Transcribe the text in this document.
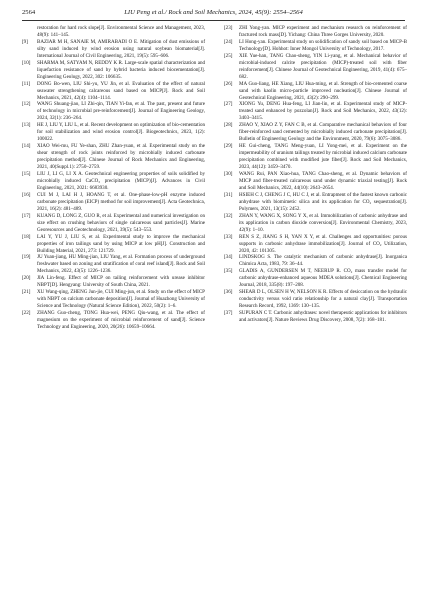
2564	LIU Peng et al./ Rock and Soil Mechanics, 2024, 45(9): 2554–2564

restoration for hard rock slope[J]. Environmental Science and Management, 2023, 48(9): 141–145.

[9] BAZIAR M H, SANAIE M, AMIRABADI O E. Mitigation of dust emissions of silty sand induced by wind erosion using natural soybean biomaterial[J]. International Journal of Civil Engineering, 2021, 19(5): 595–606.

[10] SHARMA M, SATYAM N, REDDY K R. Large-scale spatial characterization and liquefaction resistance of sand by hybrid bacteria induced biocementation[J]. Engineering Geology, 2022, 302: 106635.

[11] DONG Bo-wen, LIU Shi-yu, YU Jin, et al. Evaluation of the effect of natural seawater strengthening calcareous sand based on MICP[J]. Rock and Soil Mechanics, 2021, 42(4): 1104–1114.

[12] WANG Shuang-jiao, LI Zhi-qin, TIAN Yi-fan, et al. The past, present and future of technology in microbial pre-reinforcement[J]. Journal of Engineering Geology, 2024, 32(1): 236–264.

[13] HE J, LIU Y, LIU L, et al. Recent development on optimization of bio-cementation for soil stabilization and wind erosion control[J]. Biogeotechnics, 2023, 1(2): 100022.

[14] XIAO Wei-mu, FU Ye-shan, ZHU Zhan-yuan, et al. Experimental study on the shear strength of rock joints reinforced by microbially induced carbonate precipitation method[J]. Chinese Journal of Rock Mechanics and Engineering, 2021, 40(Suppl.1): 2750–2759.

[15] LIU J, LI G, LI X A. Geotechnical engineering properties of soils solidified by microbially induced CaCO₃ precipitation (MICP)[J]. Advances in Civil Engineering, 2021, 2021: 6683930.

[16] CUI M J, LAI H J, HOANG T, et al. One-phase-low-pH enzyme induced carbonate precipitation (EICP) method for soil improvement[J]. Acta Geotechnica, 2021, 16(2): 481–489.

[17] KUANG D, LONG Z, GUO R, et al. Experimental and numerical investigation on size effect on crushing behaviors of single calcareous sand particles[J]. Marine Georesources and Geotechnology, 2021, 39(5): 543–553.

[18] LAI Y, YU J, LIU S, et al. Experimental study to improve the mechanical properties of iron tailings sand by using MICP at low pH[J]. Construction and Building Material, 2021, 273: 121729.

[19] JU Yuan-jiang, HU Ming-jian, LIU Yang, et al. Formation process of underground freshwater based on zoning and stratification of coral reef island[J]. Rock and Soil Mechanics, 2022, 43(5): 1226–1236.

[20] JIA Lin-feng. Effect of MICP on tailing reinforcement with urease inhibitor NBPT[D]. Hengyang: University of South China, 2021.

[21] XU Wang-qing, ZHENG Jun-jie, CUI Ming-jun, et al. Study on the effect of MICP with NBPT on calcium carbonate deposition[J]. Journal of Huazhong University of Science and Technology (Natural Science Edition), 2022, 50(2): 1–6.

[22] ZHANG Guo-cheng, TONG Hua-wei, PENG Qiu-wang, et al. The effect of magnesium on the experiment of microbial reinforcement of sand[J]. Science Technology and Engineering, 2020, 20(26): 10659–10664.

[23] ZHI Yong-yan. MICP experiment and mechanism research on reinforcement of fractured rock mass[D]. Yichang: China Three Gorges University, 2020.

[24] LI Hong-yan. Experimental study on solidification of sandy soil based on MICP-B Technology[D]. Hohhot: Inner Mongol University of Technology, 2017.

[25] XIE Yue-han, TANG Chao-sheng, YIN Li-yang, et al. Mechanical behavior of microbial-induced calcite precipitation (MICP)-treated soil with fiber reinforcement[J]. Chinese Journal of Geotechnical Engineering, 2019, 41(4): 675–682.

[26] MA Guo-liang, HE Xiang, LIU Hua-ming, et al. Strength of bio-cemented coarse sand with kaolin micro-particle improved nucleation[J]. Chinese Journal of Geotechnical Engineering, 2021, 43(2): 290–299.

[27] XIONG Yu, DENG Hua-feng, LI Jian-lin, et al. Experimental study of MICP-treated sand enhanced by pozzolan[J]. Rock and Soil Mechanics, 2022, 43(12): 3403–3415.

[28] ZHAO Y, XIAO Z Y, FAN C B, et al. Comparative mechanical behaviors of four fiber-reinforced sand cemented by microbially induced carbonate precipitation[J]. Bulletin of Engineering Geology and the Environment, 2020, 79(6): 3075–3086.

[29] HE Gui-cheng, TANG Meng-yuan, LI Yong-mei, et al. Experiment on the impermeability of uranium tailings treated by microbial induced calcium carbonate precipitation combined with modified jute fiber[J]. Rock and Soil Mechanics, 2023, 44(12): 3459–3470.

[30] WANG Rui, PAN Xiao-hua, TANG Chao-sheng, et al. Dynamic behaviors of MICP and fiber-treated calcareous sand under dynamic triaxial testing[J]. Rock and Soil Mechanics, 2022, 44(10): 2643–2654.

[31] HSIEH C J, CHENG J C, HU C J, et al. Entrapment of the fastest known carbonic anhydrase with biomimetic silica and its application for CO₂ sequestration[J]. Polymers, 2021, 13(15): 2452.

[32] ZHAN Y, WANG X, SONG Y X, et al. Immobilization of carbonic anhydrase and its application in carbon dioxide conversion[J]. Environmental Chemistry, 2023, 42(9): 1–10.

[33] REN S Z, JIANG S H, YAN X Y, et al. Challenges and opportunities: porous supports in carbonic anhydrase immobilization[J]. Journal of CO₂ Utilization, 2020, 42: 101305.

[34] LINDSKOG S. The catalytic mechanism of carbonic anhydrase[J]. Inorganica Chimica Acta, 1983, 79: 36–44.

[35] GLADIS A, GUNDERSEN M T, NEERUP R. CO₂ mass transfer model for carbonic anhydrase-enhanced aqueous MDEA solutions[J]. Chemical Engineering Journal, 2018, 335(8): 197–208.

[36] SHEAR D L, OLSEN H W, NELSON K R. Effects of desiccation on the hydraulic conductivity versus void ratio relationship for a natural clay[J]. Transportation Research Record, 1992, 1369: 130–135.

[37] SUPURAN C T. Carbonic anhydrases: novel therapeutic applications for inhibitors and activators[J]. Nature Reviews Drug Discovery, 2008, 7(2): 168–181.
